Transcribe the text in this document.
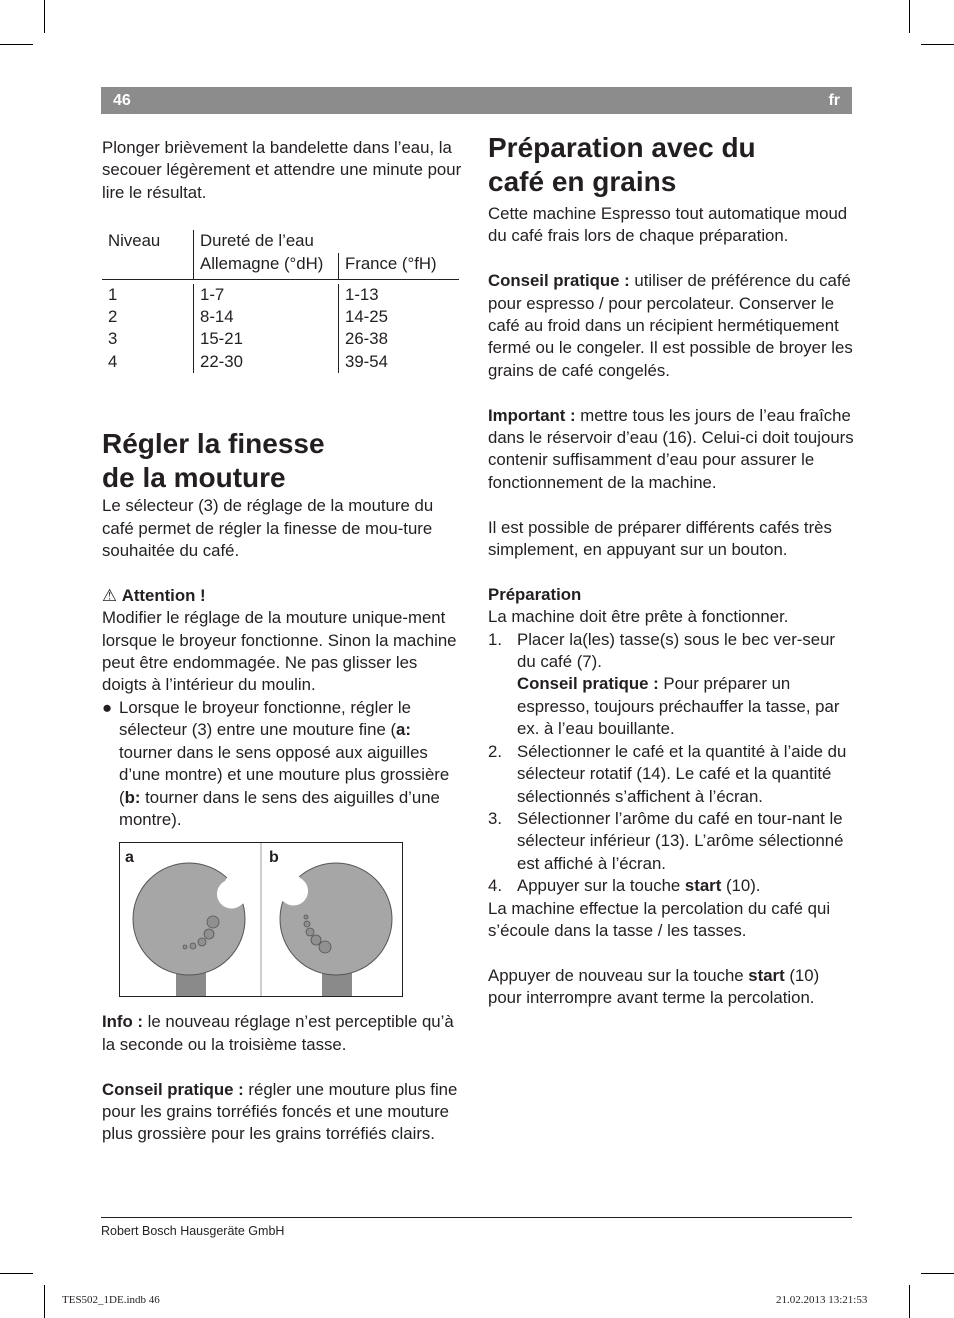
46	fr

Plonger brièvement la bandelette dans l’eau, la secouer légèrement et attendre une minute pour lire le résultat.

Niveau	Dureté de l’eau	
	Allemagne (°dH)	France (°fH)

1	1-7	1-13
2	8-14	14-25
3	15-21	26-38
4	22-30	39-54
Régler la finesse
de la mouture

Le sélecteur (3) de réglage de la mouture du café permet de régler la finesse de mou-ture souhaitée du café.

⚠ Attention !

Modifier le réglage de la mouture unique-ment lorsque le broyeur fonctionne. Sinon la machine peut être endommagée. Ne pas glisser les doigts à l’intérieur du moulin.

● Lorsque le broyeur fonctionne, régler le sélecteur (3) entre une mouture fine (a: tourner dans le sens opposé aux aiguilles d’une montre) et une mouture plus grossière (b: tourner dans le sens des aiguilles d’une montre).
a	b

Info : le nouveau réglage n’est perceptible qu’à la seconde ou la troisième tasse.

Conseil pratique : régler une mouture plus fine pour les grains torréfiés foncés et une mouture plus grossière pour les grains torréfiés clairs.

Préparation avec du
café en grains

Cette machine Espresso tout automatique moud du café frais lors de chaque préparation.

Conseil pratique : utiliser de préférence du café pour espresso / pour percolateur. Conserver le café au froid dans un récipient hermétiquement fermé ou le congeler. Il est possible de broyer les grains de café congelés.

Important : mettre tous les jours de l’eau fraîche dans le réservoir d’eau (16). Celui-ci doit toujours contenir suffisamment d’eau pour assurer le fonctionnement de la machine.

Il est possible de préparer différents cafés très simplement, en appuyant sur un bouton.

Préparation

La machine doit être prête à fonctionner.

1. Placer la(les) tasse(s) sous le bec ver-seur du café (7).
Conseil pratique : Pour préparer un espresso, toujours préchauffer la tasse, par ex. à l’eau bouillante.
2. Sélectionner le café et la quantité à l’aide du sélecteur rotatif (14). Le café et la quantité sélectionnés s’affichent à l’écran.
3. Sélectionner l’arôme du café en tour-nant le sélecteur inférieur (13). L’arôme sélectionné est affiché à l’écran.
4. Appuyer sur la touche start (10).

La machine effectue la percolation du café qui s’écoule dans la tasse / les tasses.

Appuyer de nouveau sur la touche start (10) pour interrompre avant terme la percolation.

Robert Bosch Hausgeräte GmbH
TES502_1DE.indb 46	21.02.2013 13:21:53
